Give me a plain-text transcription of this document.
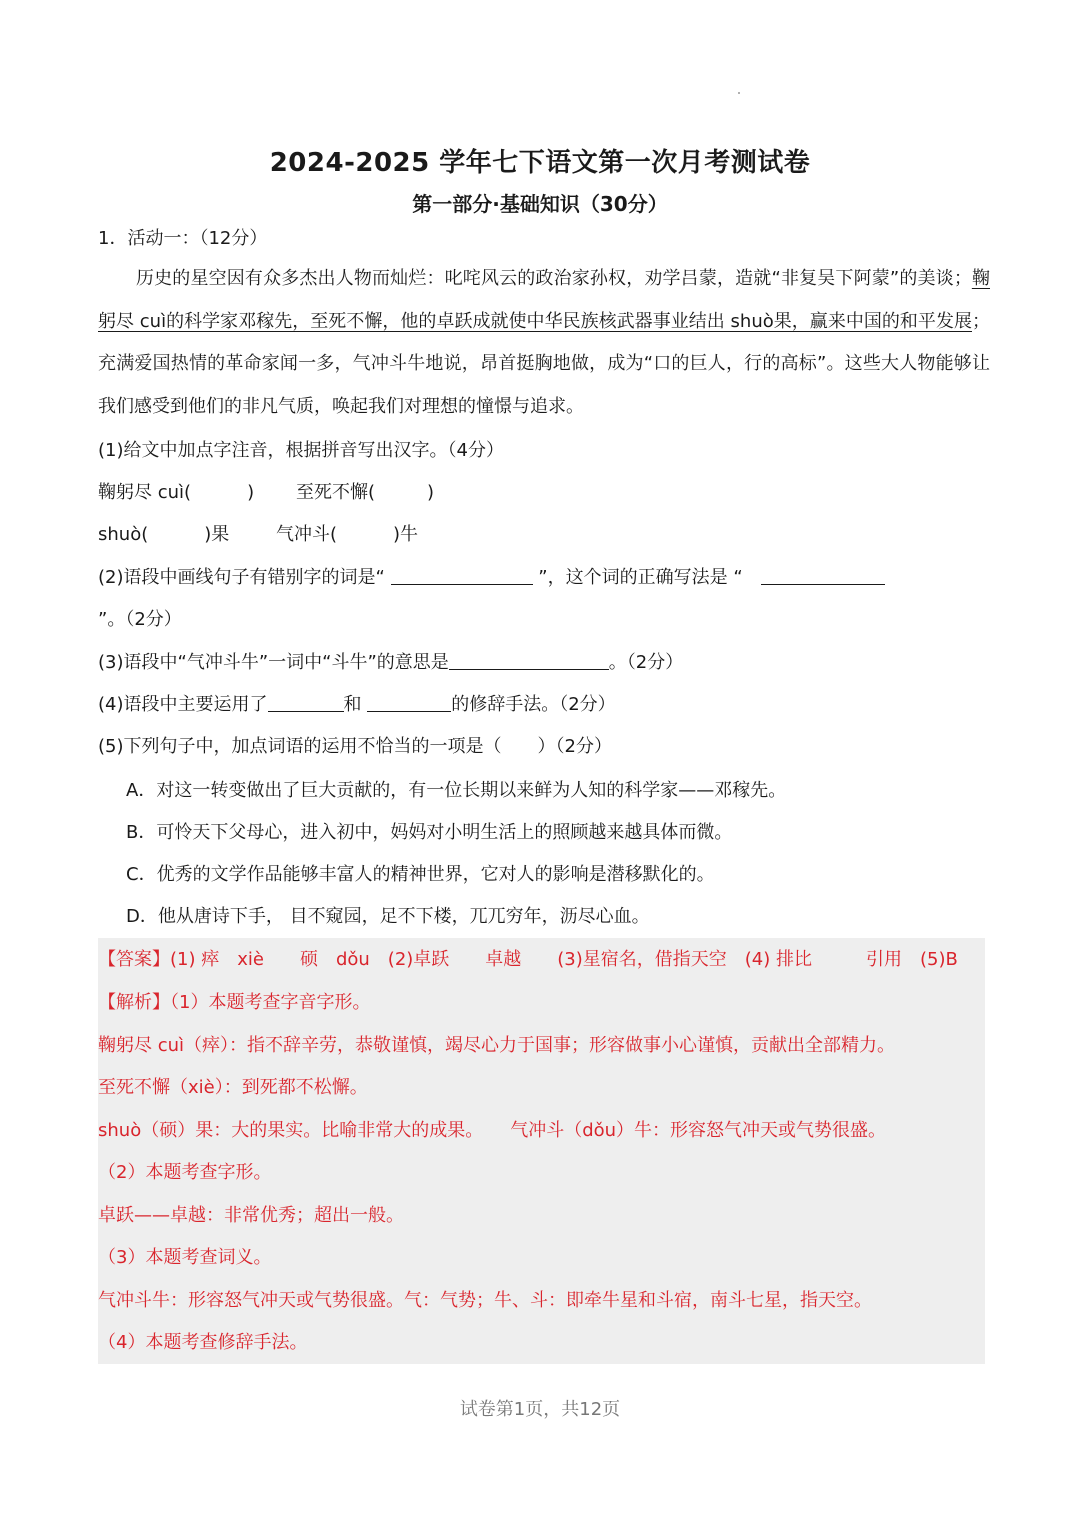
2024-2025 学年七下语文第一次月考测试卷
第一部分·基础知识（30分）
1．活动一：（12分）
历史的星空因有众多杰出人物而灿烂：叱咤风云的政治家孙权，劝学吕蒙，造就“非复吴下阿蒙”的美谈；鞠躬尽 cuì的科学家邓稼先，至死不懈，他的卓跃成就使中华民族核武器事业结出 shuò果，赢来中国的和平发展；充满爱国热情的革命家闻一多，气冲斗牛地说，昂首挺胸地做，成为“口的巨人，行的高标”。这些大人物能够让我们感受到他们的非凡气质，唤起我们对理想的憧憬与追求。
(1)给文中加点字注音，根据拼音写出汉字。（4分）
鞠躬尽 cuì(	) 至死不懈(	)
shuò(	)果	气冲斗(	)牛
(2)语段中画线句子有错别字的词是“	”，这个词的正确写法是 “　
”。（2分）
(3)语段中“气冲斗牛”一词中“斗牛”的意思是	。（2分）
(4)语段中主要运用了	和	的修辞手法。（2分）
(5)下列句子中，加点词语的运用不恰当的一项是（　　）（2分）
A．对这一转变做出了巨大贡献的，有一位长期以来鲜为人知的科学家——邓稼先。
B．可怜天下父母心，进入初中，妈妈对小明生活上的照顾越来越具体而微。
C．优秀的文学作品能够丰富人的精神世界，它对人的影响是潜移默化的。
D．他从唐诗下手， 目不窥园，足不下楼，兀兀穷年，沥尽心血。
【答案】(1) 瘁　xiè　　硕　dǒu　(2)卓跃　　卓越　　(3)星宿名，借指天空　(4) 排比　　　引用　(5)B
【解析】（1）本题考查字音字形。
鞠躬尽 cuì（瘁）：指不辞辛劳，恭敬谨慎，竭尽心力于国事；形容做事小心谨慎，贡献出全部精力。
至死不懈（xiè）：到死都不松懈。
shuò（硕）果：大的果实。比喻非常大的成果。　　气冲斗（dǒu）牛：形容怒气冲天或气势很盛。
（2）本题考查字形。
卓跃——卓越：非常优秀；超出一般。
（3）本题考查词义。
气冲斗牛：形容怒气冲天或气势很盛。气：气势；牛、斗：即牵牛星和斗宿，南斗七星，指天空。
（4）本题考查修辞手法。
试卷第1页，共12页
